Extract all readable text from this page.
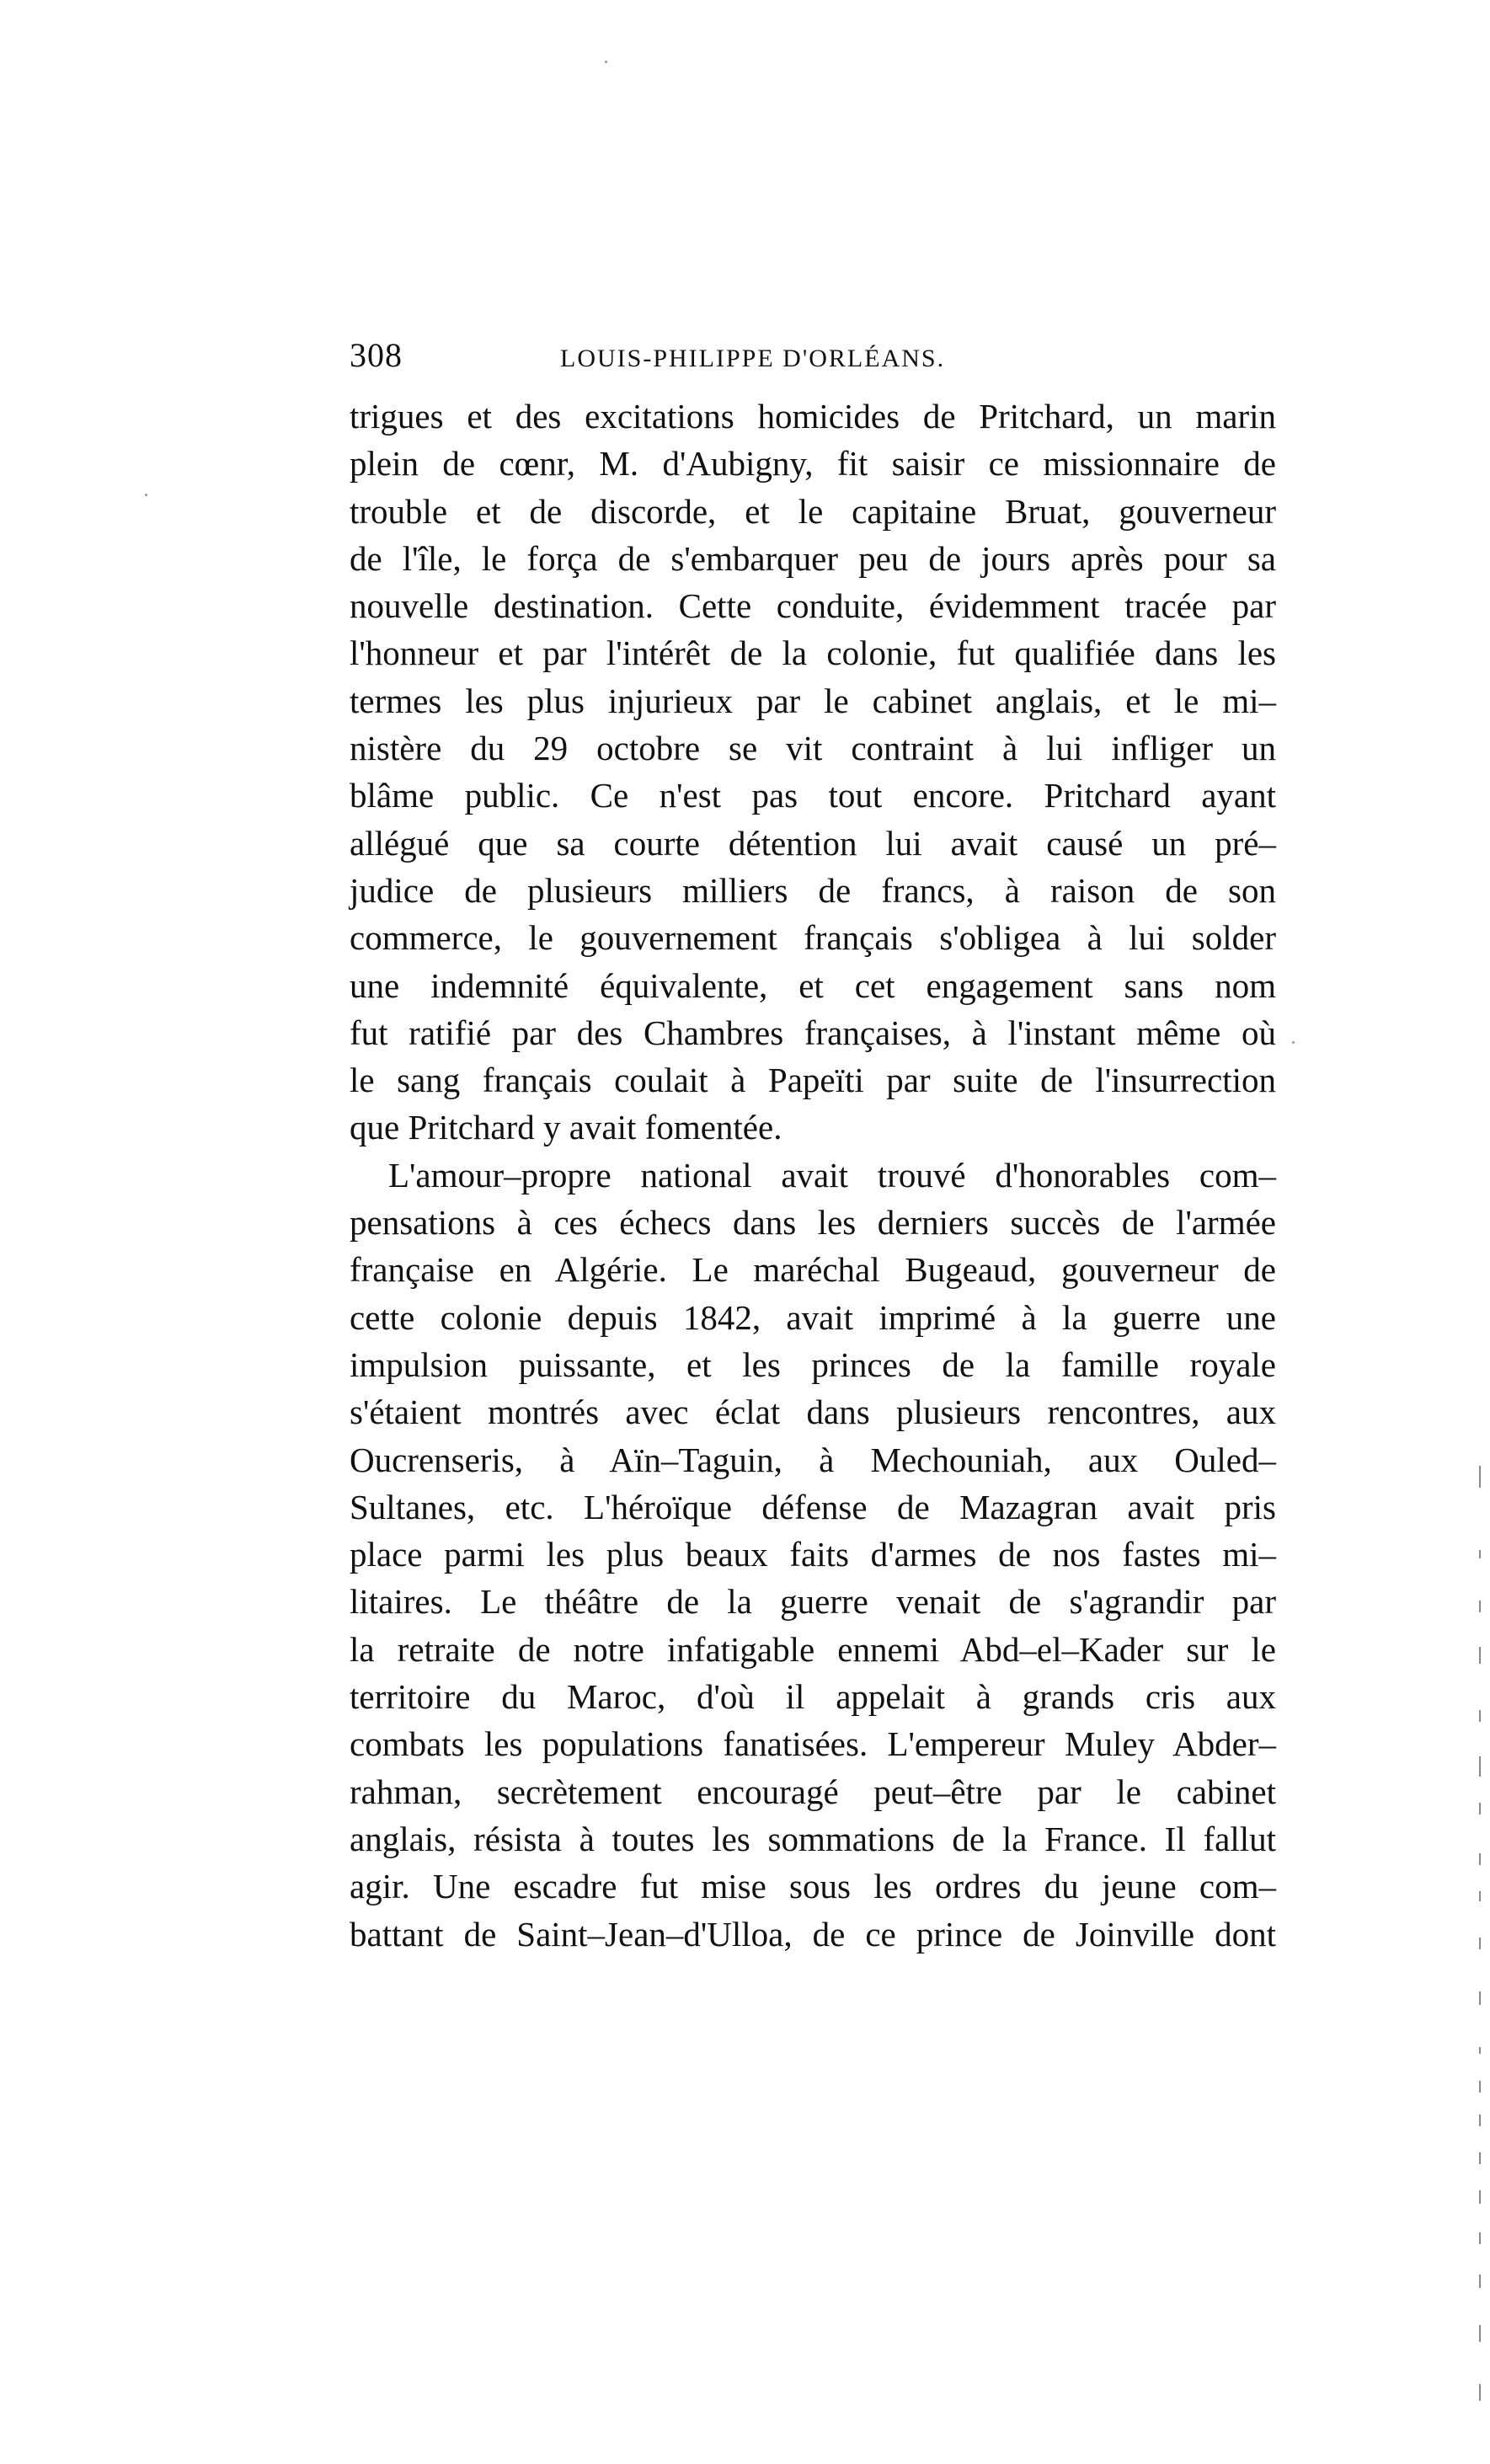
308	LOUIS-PHILIPPE D'ORLÉANS.
trigues et des excitations homicides de Pritchard, un marin
plein de cœnr, M. d'Aubigny, fit saisir ce missionnaire de
trouble et de discorde, et le capitaine Bruat, gouverneur
de l'île, le força de s'embarquer peu de jours après pour sa
nouvelle destination. Cette conduite, évidemment tracée par
l'honneur et par l'intérêt de la colonie, fut qualifiée dans les
termes les plus injurieux par le cabinet anglais, et le mi–
nistère du 29 octobre se vit contraint à lui infliger un
blâme public. Ce n'est pas tout encore. Pritchard ayant
allégué que sa courte détention lui avait causé un pré–
judice de plusieurs milliers de francs, à raison de son
commerce, le gouvernement français s'obligea à lui solder
une indemnité équivalente, et cet engagement sans nom
fut ratifié par des Chambres françaises, à l'instant même où
le sang français coulait à Papeïti par suite de l'insurrection
que Pritchard y avait fomentée.
L'amour–propre national avait trouvé d'honorables com–
pensations à ces échecs dans les derniers succès de l'armée
française en Algérie. Le maréchal Bugeaud, gouverneur de
cette colonie depuis 1842, avait imprimé à la guerre une
impulsion puissante, et les princes de la famille royale
s'étaient montrés avec éclat dans plusieurs rencontres, aux
Oucrenseris, à Aïn–Taguin, à Mechouniah, aux Ouled–
Sultanes, etc. L'héroïque défense de Mazagran avait pris
place parmi les plus beaux faits d'armes de nos fastes mi–
litaires. Le théâtre de la guerre venait de s'agrandir par
la retraite de notre infatigable ennemi Abd–el–Kader sur le
territoire du Maroc, d'où il appelait à grands cris aux
combats les populations fanatisées. L'empereur Muley Abder–
rahman, secrètement encouragé peut–être par le cabinet
anglais, résista à toutes les sommations de la France. Il fallut
agir. Une escadre fut mise sous les ordres du jeune com–
battant de Saint–Jean–d'Ulloa, de ce prince de Joinville dont
